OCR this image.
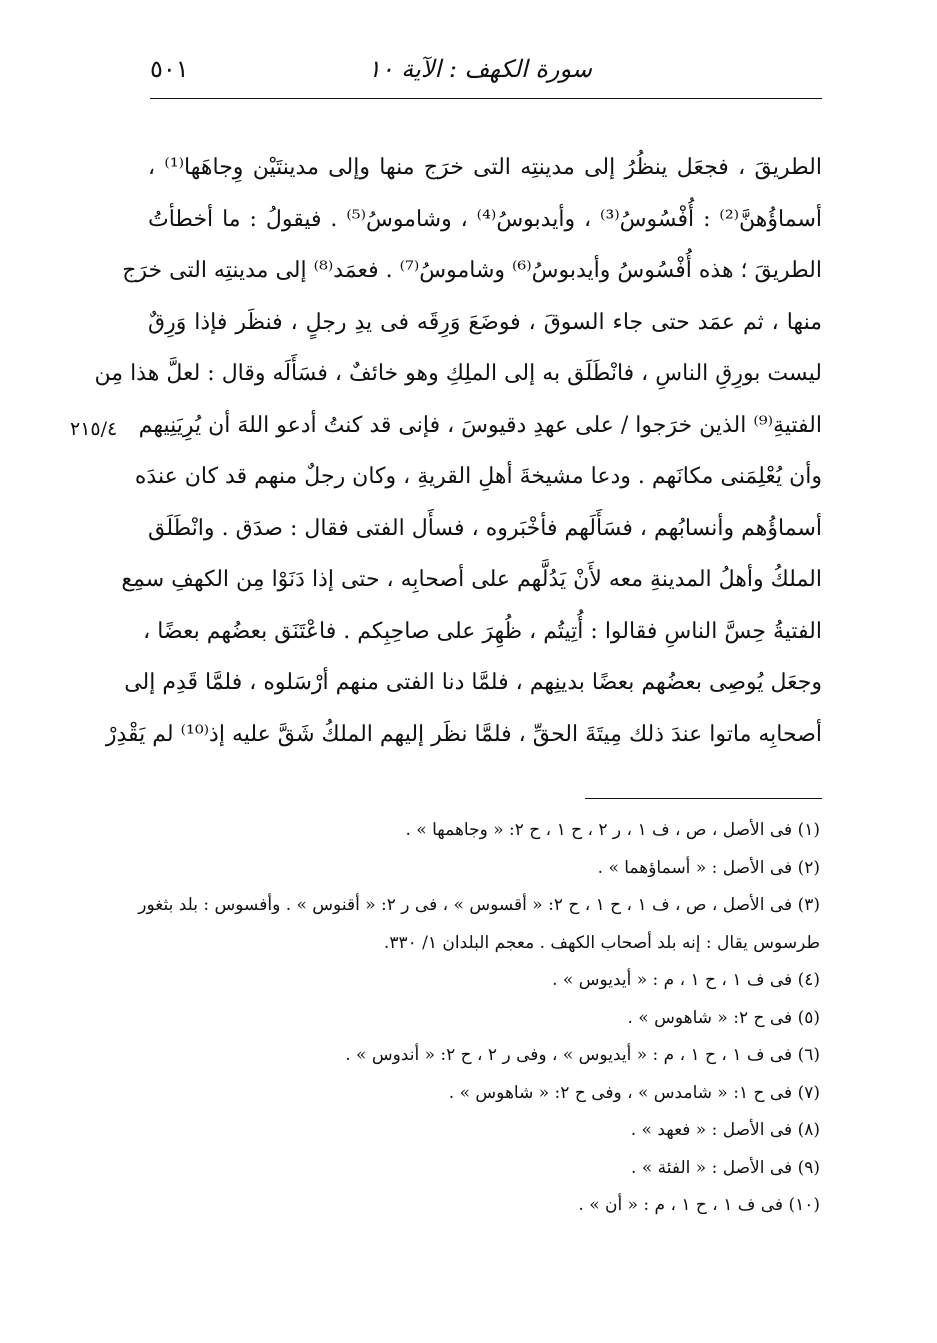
سورة الكهف : الآية ١٠
٥٠١
٢١٥/٤
الطريقَ ، فجعَل ينظُرُ إلى مدينتِه التى خرَج منها وإلى مدينتَيْن وِجاهَها⁽¹⁾ ،
أسماؤُهنَّ⁽²⁾ : أُفْسُوسُ⁽³⁾ ، وأيدبوسُ⁽⁴⁾ ، وشاموسُ⁽⁵⁾ . فيقولُ : ما أخطأتُ
الطريقَ ؛ هذه أُفْسُوسُ وأيدبوسُ⁽⁶⁾ وشاموسُ⁽⁷⁾ . فعمَد⁽⁸⁾ إلى مدينتِه التى خرَج
منها ، ثم عمَد حتى جاء السوقَ ، فوضَعَ وَرِقَه فى يدِ رجلٍ ، فنظَر فإذا وَرِقٌ
ليست بورِقِ الناسِ ، فانْطَلَق به إلى الملِكِ وهو خائفٌ ، فسَأَلَه وقال : لعلَّ هذا مِن
الفتيةِ⁽⁹⁾ الذين خرَجوا / على عهدِ دقيوسَ ، فإنى قد كنتُ أدعو اللهَ أن يُرِيَنِيهم
وأن يُعْلِمَنى مكانَهم . ودعا مشيخةَ أهلِ القريةِ ، وكان رجلٌ منهم قد كان عندَه
أسماؤُهم وأنسابُهم ، فسَأَلَهم فأخْبَروه ، فسأَل الفتى فقال : صدَق . وانْطَلَق
الملكُ وأهلُ المدينةِ معه لأَنْ يَدُلَّهم على أصحابِه ، حتى إذا دَنَوْا مِن الكهفِ سمِع
الفتيةُ حِسَّ الناسِ فقالوا : أُتِيتُم ، ظُهِرَ على صاحِبِكم . فاعْتَنَق بعضُهم بعضًا ،
وجعَل يُوصِى بعضُهم بعضًا بدينِهم ، فلمَّا دنا الفتى منهم أرْسَلوه ، فلمَّا قَدِم إلى
أصحابِه ماتوا عندَ ذلك مِيتَةَ الحقِّ ، فلمَّا نظَر إليهم الملكُ شَقَّ عليه إذ⁽¹⁰⁾ لم يَقْدِرْ
(١) فى الأصل ، ص ، ف ١ ، ر ٢ ، ح ١ ، ح ٢: « وجاهمها » .
(٢) فى الأصل : « أسماؤهما » .
(٣) فى الأصل ، ص ، ف ١ ، ح ١ ، ح ٢: « أقسوس » ، فى ر ٢: « أقنوس » . وأفسوس : بلد بثغور
طرسوس يقال : إنه بلد أصحاب الكهف . معجم البلدان ١/ ٣٣٠.
(٤) فى ف ١ ، ح ١ ، م : « أيديوس » .
(٥) فى ح ٢: « شاهوس » .
(٦) فى ف ١ ، ح ١ ، م : « أيديوس » ، وفى ر ٢ ، ح ٢: « أندوس » .
(٧) فى ح ١: « شامدس » ، وفى ح ٢: « شاهوس » .
(٨) فى الأصل : « فعهد » .
(٩) فى الأصل : « الفئة » .
(١٠) فى ف ١ ، ح ١ ، م : « أن » .
